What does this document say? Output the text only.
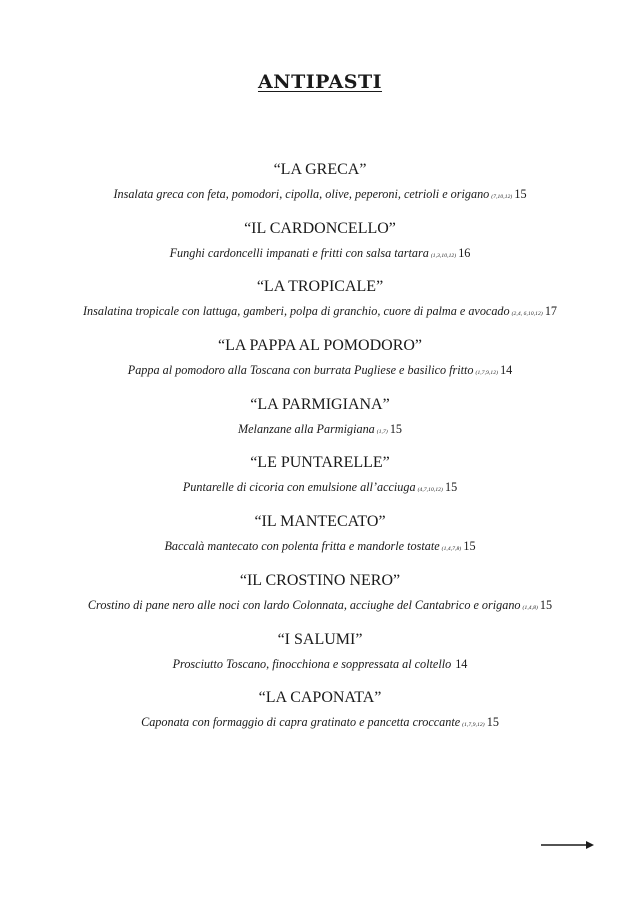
ANTIPASTI
“LA GRECA”
Insalata greca con feta, pomodori, cipolla, olive, peperoni, cetrioli e origano (7,10,12) 15
“IL CARDONCELLO”
Funghi cardoncelli impanati e fritti con salsa tartara (1,3,10,12) 16
“LA TROPICALE”
Insalatina tropicale con lattuga, gamberi, polpa di granchio, cuore di palma e avocado (2,4, 6,10,12) 17
“LA PAPPA AL POMODORO”
Pappa al pomodoro alla Toscana con burrata Pugliese e basilico fritto (1,7,9,12) 14
“LA PARMIGIANA”
Melanzane alla Parmigiana (1,7) 15
“LE PUNTARELLE”
Puntarelle di cicoria con emulsione all’acciuga (4,7,10,12) 15
“IL MANTECATO”
Baccalà mantecato con polenta fritta e mandorle tostate (1,4,7,8) 15
“IL CROSTINO NERO”
Crostino di pane nero alle noci con lardo Colonnata, acciughe del Cantabrico e origano (1,4,8) 15
“I SALUMI”
Prosciutto Toscano, finocchiona e soppressata al coltello 14
“LA CAPONATA”
Caponata con formaggio di capra gratinato e pancetta croccante (1,7,9,12) 15
